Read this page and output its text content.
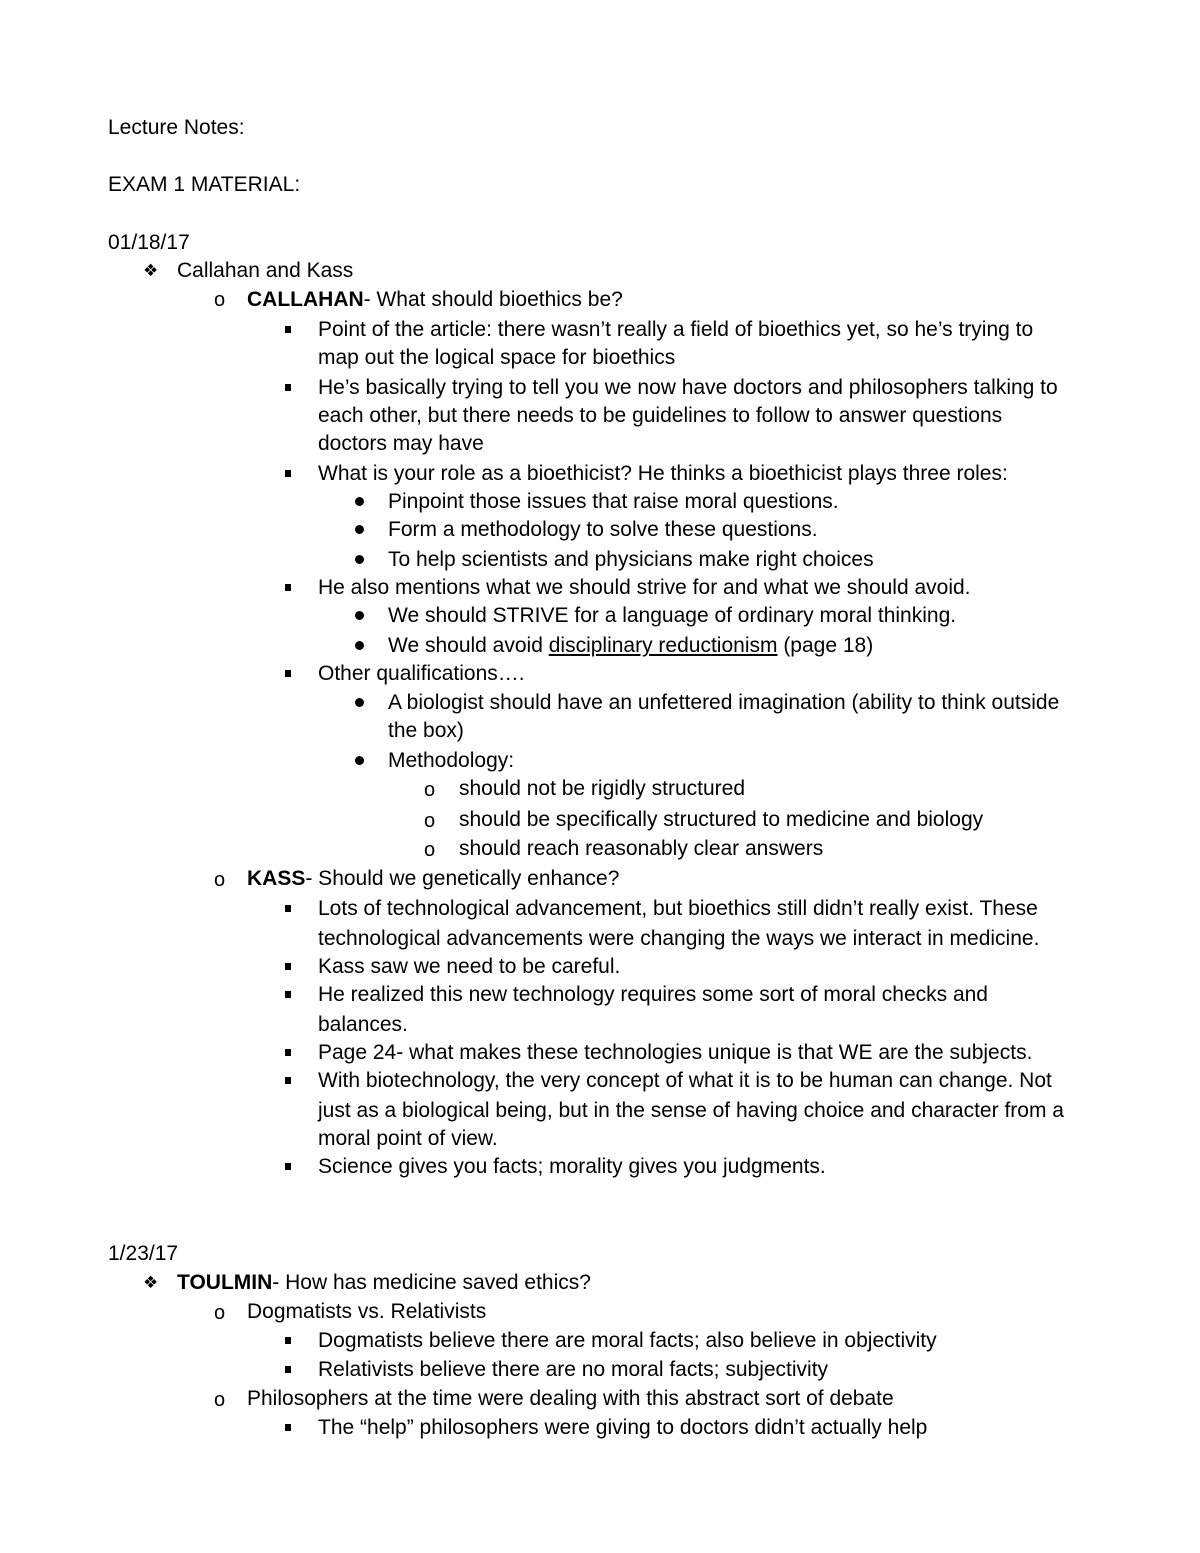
Lecture Notes:
EXAM 1 MATERIAL:
01/18/17
❖ Callahan and Kass
o CALLAHAN- What should bioethics be?
Point of the article: there wasn’t really a field of bioethics yet, so he’s trying to
map out the logical space for bioethics
He’s basically trying to tell you we now have doctors and philosophers talking to
each other, but there needs to be guidelines to follow to answer questions
doctors may have
What is your role as a bioethicist? He thinks a bioethicist plays three roles:
Pinpoint those issues that raise moral questions.
Form a methodology to solve these questions.
To help scientists and physicians make right choices
He also mentions what we should strive for and what we should avoid.
We should STRIVE for a language of ordinary moral thinking.
We should avoid disciplinary reductionism (page 18)
Other qualifications….
A biologist should have an unfettered imagination (ability to think outside
the box)
Methodology:
o should not be rigidly structured
o should be specifically structured to medicine and biology
o should reach reasonably clear answers
o KASS- Should we genetically enhance?
Lots of technological advancement, but bioethics still didn’t really exist. These
technological advancements were changing the ways we interact in medicine.
Kass saw we need to be careful.
He realized this new technology requires some sort of moral checks and
balances.
Page 24- what makes these technologies unique is that WE are the subjects.
With biotechnology, the very concept of what it is to be human can change. Not
just as a biological being, but in the sense of having choice and character from a
moral point of view.
Science gives you facts; morality gives you judgments.
1/23/17
❖ TOULMIN- How has medicine saved ethics?
o Dogmatists vs. Relativists
Dogmatists believe there are moral facts; also believe in objectivity
Relativists believe there are no moral facts; subjectivity
o Philosophers at the time were dealing with this abstract sort of debate
The “help” philosophers were giving to doctors didn’t actually help
